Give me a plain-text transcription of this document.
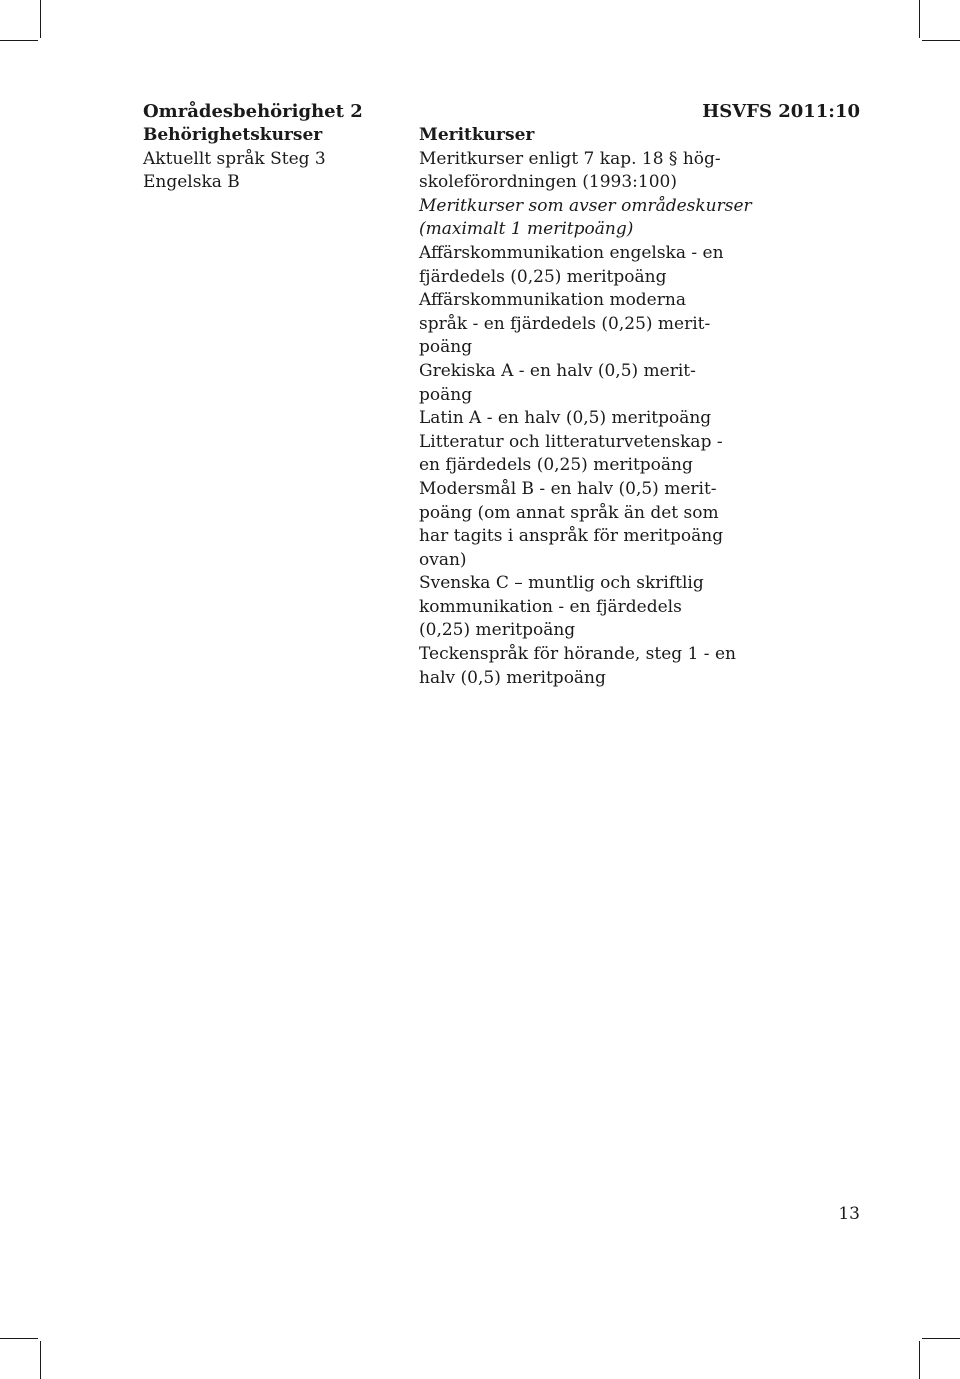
Områdesbehörighet 2	HSVFS 2011:10
Behörighetskurser
Aktuellt språk Steg 3
Engelska B
Meritkurser
Meritkurser enligt 7 kap. 18 § hög-
skoleförordningen (1993:100)
Meritkurser som avser områdeskurser
(maximalt 1 meritpoäng)
Affärskommunikation engelska - en
fjärdedels (0,25) meritpoäng
Affärskommunikation moderna
språk - en fjärdedels (0,25) merit-
poäng
Grekiska A - en halv (0,5) merit-
poäng
Latin A - en halv (0,5) meritpoäng
Litteratur och litteraturvetenskap -
en fjärdedels (0,25) meritpoäng
Modersmål B - en halv (0,5) merit-
poäng (om annat språk än det som
har tagits i anspråk för meritpoäng
ovan)
Svenska C – muntlig och skriftlig
kommunikation - en fjärdedels
(0,25) meritpoäng
Teckenspråk för hörande, steg 1 - en
halv (0,5) meritpoäng
13
